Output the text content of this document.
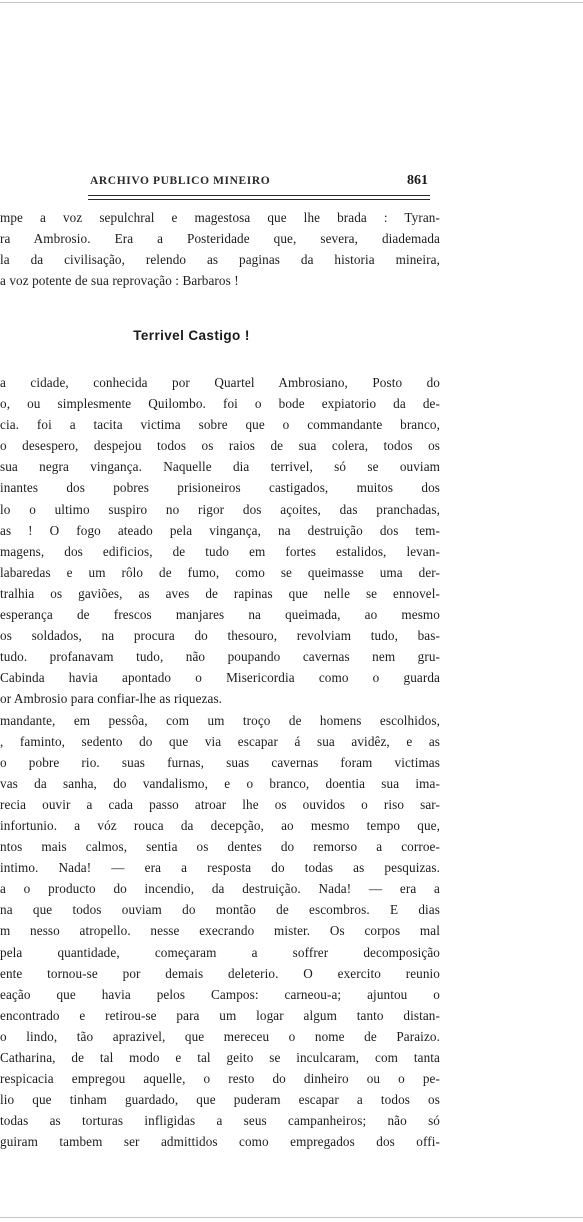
ARCHIVO PUBLICO MINEIRO	861
mpe a voz sepulchral e magestosa que lhe brada : Tyran-
ra Ambrosio. Era a Posteridade que, severa, diademada
la da civilisação, relendo as paginas da historia mineira,
a voz potente de sua reprovação : Barbaros !
Terrivel Castigo !
a cidade, conhecida por Quartel Ambrosiano, Posto do
o, ou simplesmente Quilombo. foi o bode expiatorio da de-
cia. foi a tacita victima sobre que o commandante branco,
o desespero, despejou todos os raios de sua colera, todos os
sua negra vingança. Naquelle dia terrivel, só se ouviam
inantes dos pobres prisioneiros castigados, muitos dos
lo o ultimo suspiro no rigor dos açoites, das pranchadas,
as ! O fogo ateado pela vingança, na destruição dos tem-
magens, dos edificios, de tudo em fortes estalidos, levan-
labaredas e um rôlo de fumo, como se queimasse uma der-
tralhia os gaviões, as aves de rapinas que nelle se ennovel-
esperança de frescos manjares na queimada, ao mesmo
os soldados, na procura do thesouro, revolviam tudo, bas-
tudo. profanavam tudo, não poupando cavernas nem gru-
Cabinda havia apontado o Misericordia como o guarda
or Ambrosio para confiar-lhe as riquezas.
mandante, em pessôa, com um troço de homens escolhidos,
, faminto, sedento do que via escapar á sua avidêz, e as
o pobre rio. suas furnas, suas cavernas foram victimas
vas da sanha, do vandalismo, e o branco, doentia sua ima-
recia ouvir a cada passo atroar lhe os ouvidos o riso sar-
infortunio. a vóz rouca da decepção, ao mesmo tempo que,
ntos mais calmos, sentia os dentes do remorso a corroe-
intimo. Nada! — era a resposta do todas as pesquizas.
a o producto do incendio, da destruição. Nada! — era a
na que todos ouviam do montão de escombros. E dias
m nesso atropello. nesse execrando mister. Os corpos mal
pela quantidade, começaram a soffrer decomposição
ente tornou-se por demais deleterio. O exercito reunio
eação que havia pelos Campos: carneou-a; ajuntou o
encontrado e retirou-se para um logar algum tanto distan-
o lindo, tão aprazivel, que mereceu o nome de Paraizo.
Catharina, de tal modo e tal geito se inculcaram, com tanta
respicacia empregou aquelle, o resto do dinheiro ou o pe-
lio que tinham guardado, que puderam escapar a todos os
todas as torturas infligidas a seus campanheiros; não só
guiram tambem ser admittidos como empregados dos offi-
